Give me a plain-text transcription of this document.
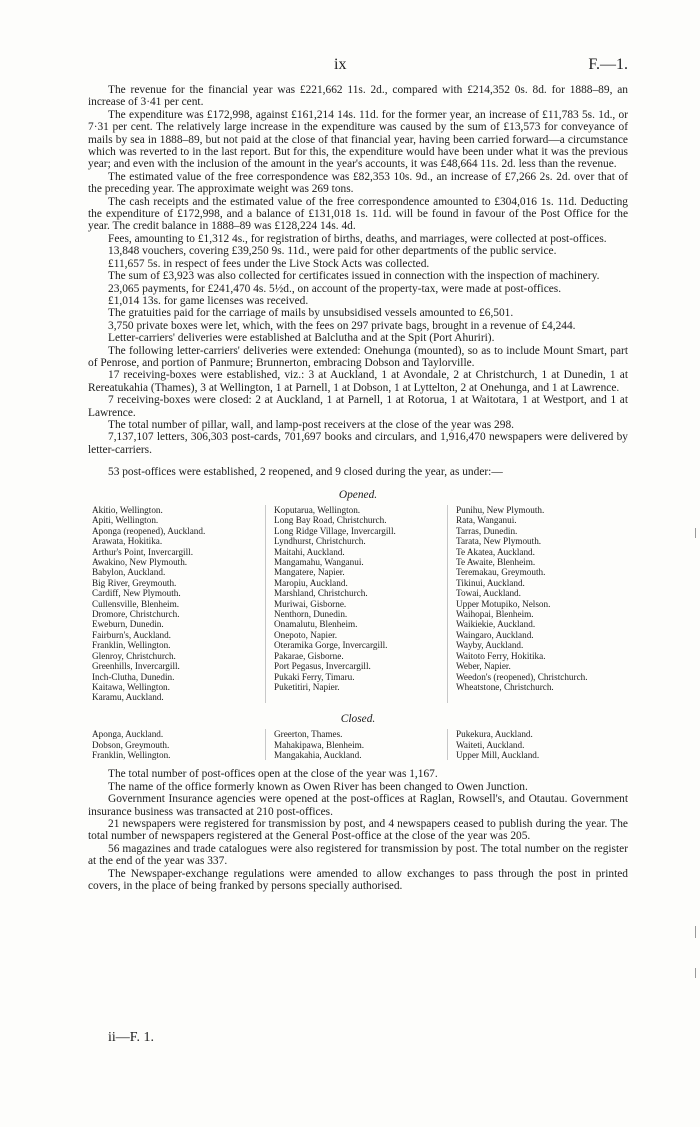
ix	F.—1.

The revenue for the financial year was £221,662 11s. 2d., compared with £214,352 0s. 8d. for 1888–89, an increase of 3·41 per cent.

The expenditure was £172,998, against £161,214 14s. 11d. for the former year, an increase of £11,783 5s. 1d., or 7·31 per cent. The relatively large increase in the expenditure was caused by the sum of £13,573 for conveyance of mails by sea in 1888–89, but not paid at the close of that financial year, having been carried forward—a circumstance which was reverted to in the last report. But for this, the expenditure would have been under what it was the previous year; and even with the inclusion of the amount in the year's accounts, it was £48,664 11s. 2d. less than the revenue.

The estimated value of the free correspondence was £82,353 10s. 9d., an increase of £7,266 2s. 2d. over that of the preceding year. The approximate weight was 269 tons.

The cash receipts and the estimated value of the free correspondence amounted to £304,016 1s. 11d. Deducting the expenditure of £172,998, and a balance of £131,018 1s. 11d. will be found in favour of the Post Office for the year. The credit balance in 1888–89 was £128,224 14s. 4d.

Fees, amounting to £1,312 4s., for registration of births, deaths, and marriages, were collected at post-offices.

13,848 vouchers, covering £39,250 9s. 11d., were paid for other departments of the public service.

£11,657 5s. in respect of fees under the Live Stock Acts was collected.

The sum of £3,923 was also collected for certificates issued in connection with the inspection of machinery.

23,065 payments, for £241,470 4s. 5½d., on account of the property-tax, were made at post-offices.

£1,014 13s. for game licenses was received.

The gratuities paid for the carriage of mails by unsubsidised vessels amounted to £6,501.

3,750 private boxes were let, which, with the fees on 297 private bags, brought in a revenue of £4,244.

Letter-carriers' deliveries were established at Balclutha and at the Spit (Port Ahuriri).

The following letter-carriers' deliveries were extended: Onehunga (mounted), so as to include Mount Smart, part of Penrose, and portion of Panmure; Brunnerton, embracing Dobson and Taylorville.

17 receiving-boxes were established, viz.: 3 at Auckland, 1 at Avondale, 2 at Christchurch, 1 at Dunedin, 1 at Rereatukahia (Thames), 3 at Wellington, 1 at Parnell, 1 at Dobson, 1 at Lyttelton, 2 at Onehunga, and 1 at Lawrence.

7 receiving-boxes were closed: 2 at Auckland, 1 at Parnell, 1 at Rotorua, 1 at Waitotara, 1 at Westport, and 1 at Lawrence.

The total number of pillar, wall, and lamp-post receivers at the close of the year was 298.

7,137,107 letters, 306,303 post-cards, 701,697 books and circulars, and 1,916,470 newspapers were delivered by letter-carriers.

53 post-offices were established, 2 reopened, and 9 closed during the year, as under:—

Opened.
Akitio, Wellington.
Apiti, Wellington.
Aponga (reopened), Auckland.
Arawata, Hokitika.
Arthur's Point, Invercargill.
Awakino, New Plymouth.
Babylon, Auckland.
Big River, Greymouth.
Cardiff, New Plymouth.
Cullensville, Blenheim.
Dromore, Christchurch.
Eweburn, Dunedin.
Fairburn's, Auckland.
Franklin, Wellington.
Glenroy, Christchurch.
Greenhills, Invercargill.
Inch-Clutha, Dunedin.
Kaitawa, Wellington.
Karamu, Auckland.
Koputarua, Wellington.
Long Bay Road, Christchurch.
Long Ridge Village, Invercargill.
Lyndhurst, Christchurch.
Maitahi, Auckland.
Mangamahu, Wanganui.
Mangatere, Napier.
Maropiu, Auckland.
Marshland, Christchurch.
Muriwai, Gisborne.
Nenthorn, Dunedin.
Onamalutu, Blenheim.
Onepoto, Napier.
Oteramika Gorge, Invercargill.
Pakarae, Gisborne.
Port Pegasus, Invercargill.
Pukaki Ferry, Timaru.
Puketitiri, Napier.
Punihu, New Plymouth.
Rata, Wanganui.
Tarras, Dunedin.
Tarata, New Plymouth.
Te Akatea, Auckland.
Te Awaite, Blenheim.
Teremakau, Greymouth.
Tikinui, Auckland.
Towai, Auckland.
Upper Motupiko, Nelson.
Waihopai, Blenheim.
Waikiekie, Auckland.
Waingaro, Auckland.
Wayby, Auckland.
Waitoto Ferry, Hokitika.
Weber, Napier.
Weedon's (reopened), Christchurch.
Wheatstone, Christchurch.
Closed.
Aponga, Auckland.
Dobson, Greymouth.
Franklin, Wellington.
Greerton, Thames.
Mahakipawa, Blenheim.
Mangakahia, Auckland.
Pukekura, Auckland.
Waiteti, Auckland.
Upper Mill, Auckland.

The total number of post-offices open at the close of the year was 1,167.

The name of the office formerly known as Owen River has been changed to Owen Junction.

Government Insurance agencies were opened at the post-offices at Raglan, Rowsell's, and Otautau. Government insurance business was transacted at 210 post-offices.

21 newspapers were registered for transmission by post, and 4 newspapers ceased to publish during the year. The total number of newspapers registered at the General Post-office at the close of the year was 205.

56 magazines and trade catalogues were also registered for transmission by post. The total number on the register at the end of the year was 337.

The Newspaper-exchange regulations were amended to allow exchanges to pass through the post in printed covers, in the place of being franked by persons specially authorised.

ii—F. 1.
